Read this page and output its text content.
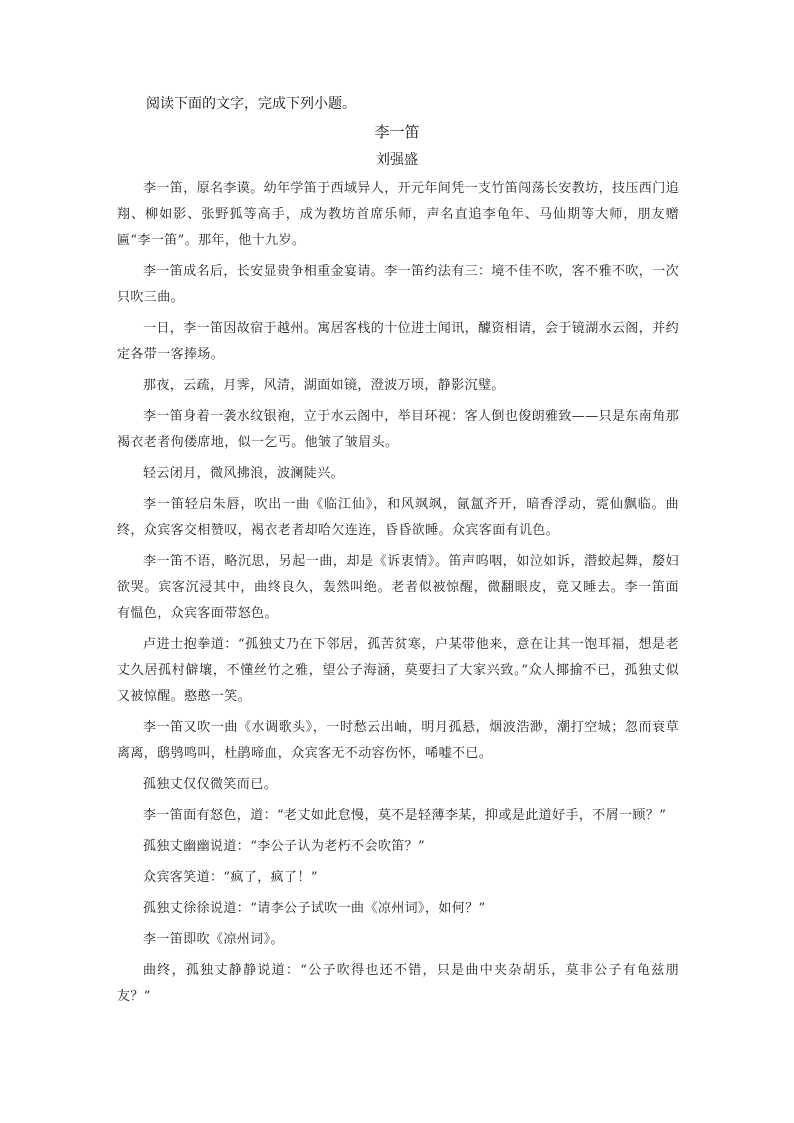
阅读下面的文字，完成下列小题。
李一笛
刘强盛

李一笛，原名李谟。幼年学笛于西域异人，开元年间凭一支竹笛闯荡长安教坊，技压西门追翔、柳如影、张野狐等高手，成为教坊首席乐师，声名直追李龟年、马仙期等大师，朋友赠匾“李一笛”。那年，他十九岁。

李一笛成名后，长安显贵争相重金宴请。李一笛约法有三：境不佳不吹，客不雅不吹，一次只吹三曲。

一日，李一笛因故宿于越州。寓居客栈的十位进士闻讯，醵资相请，会于镜湖水云阁，并约定各带一客捧场。

那夜，云疏，月霁，风清，湖面如镜，澄波万顷，静影沉璧。

李一笛身着一袭水纹银袍，立于水云阁中，举目环视：客人倒也俊朗雅致——只是东南角那褐衣老者佝偻席地，似一乞丐。他皱了皱眉头。

轻云闭月，微风拂浪，波澜陡兴。

李一笛轻启朱唇，吹出一曲《临江仙》，和风飒飒，氤氲齐开，暗香浮动，霓仙飘临。曲终，众宾客交相赞叹，褐衣老者却哈欠连连，昏昏欲睡。众宾客面有讥色。

李一笛不语，略沉思，另起一曲，却是《诉衷情》。笛声呜咽，如泣如诉，潜蛟起舞，嫠妇欲哭。宾客沉浸其中，曲终良久，轰然叫绝。老者似被惊醒，微翻眼皮，竟又睡去。李一笛面有愠色，众宾客面带怒色。

卢进士抱拳道：“孤独丈乃在下邻居，孤苦贫寒，户某带他来，意在让其一饱耳福，想是老丈久居孤村僻壤，不懂丝竹之雅，望公子海涵，莫要扫了大家兴致。”众人揶揄不已，孤独丈似又被惊醒。憨憨一笑。

李一笛又吹一曲《水调歌头》，一时愁云出岫，明月孤悬，烟波浩渺，潮打空城；忽而衰草离离，鸱鸮鸣叫，杜鹃啼血，众宾客无不动容伤怀，唏嘘不已。

孤独丈仅仅微笑而已。

李一笛面有怒色，道：“老丈如此怠慢，莫不是轻薄李某，抑或是此道好手，不屑一顾？”

孤独丈幽幽说道：“李公子认为老朽不会吹笛？”

众宾客笑道：“疯了，疯了！”

孤独丈徐徐说道：“请李公子试吹一曲《凉州词》，如何？”

李一笛即吹《凉州词》。

曲终，孤独丈静静说道：“公子吹得也还不错，只是曲中夹杂胡乐，莫非公子有龟兹朋友？”
